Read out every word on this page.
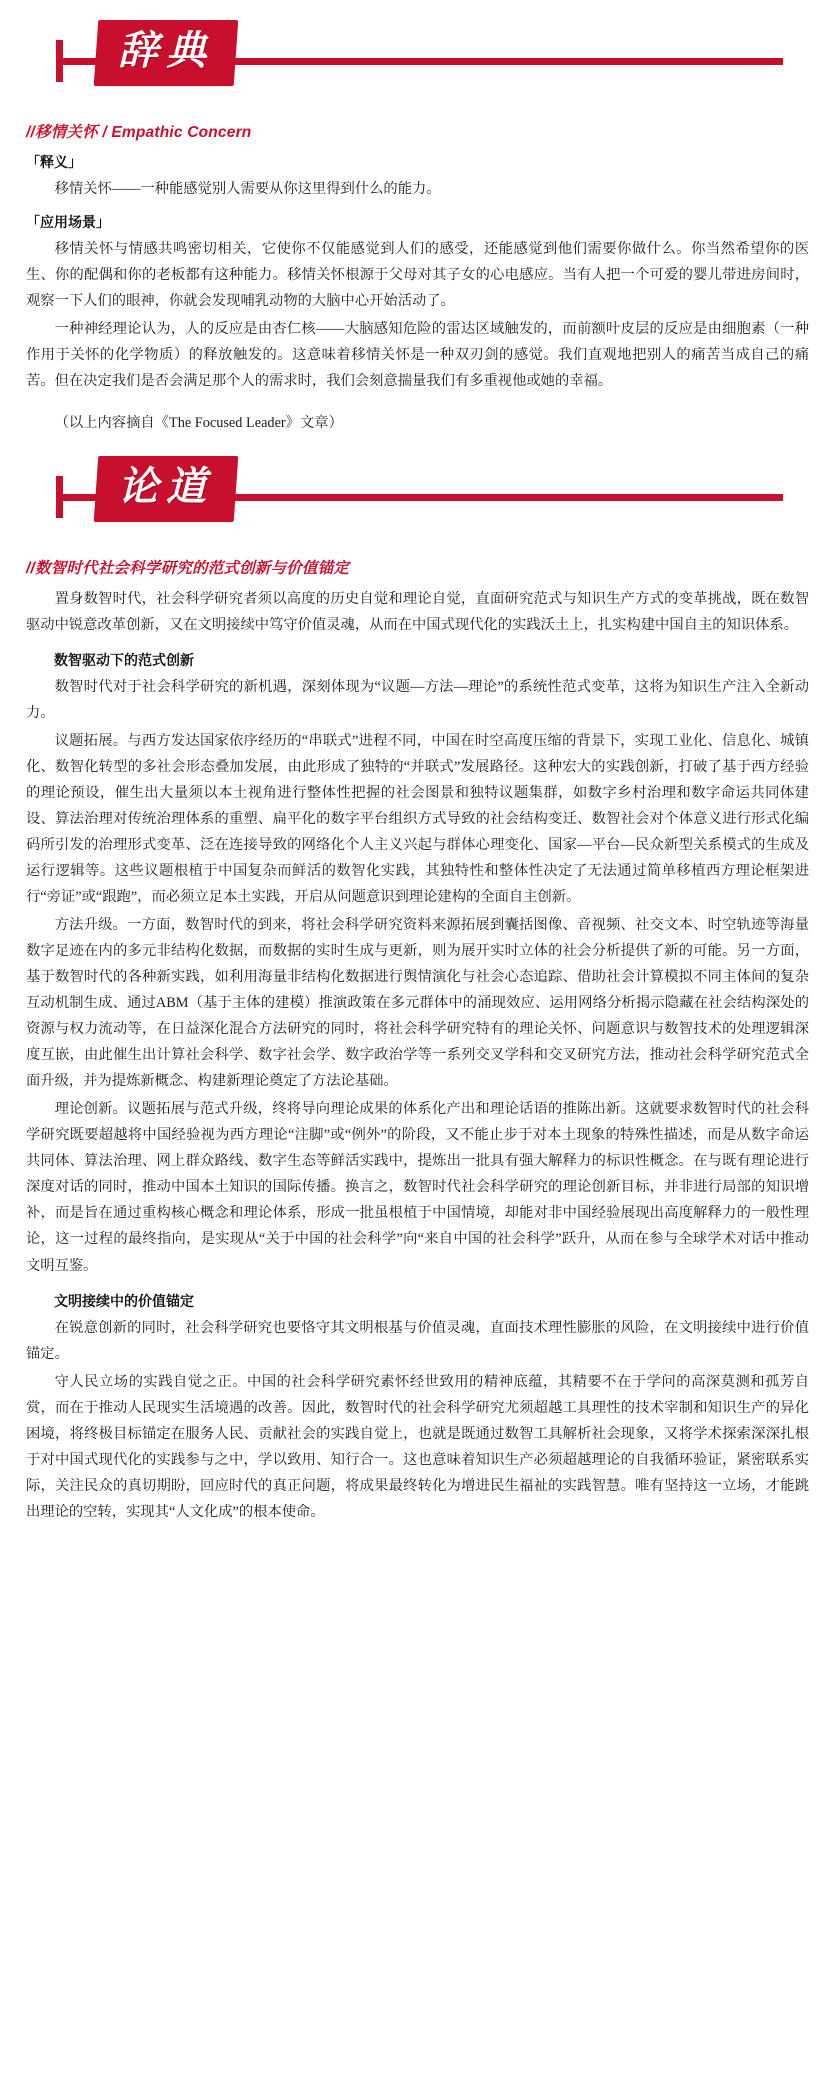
辞典
//移情关怀 / Empathic Concern
「释义」

移情关怀——一种能感觉别人需要从你这里得到什么的能力。

「应用场景」

移情关怀与情感共鸣密切相关，它使你不仅能感觉到人们的感受，还能感觉到他们需要你做什么。你当然希望你的医生、你的配偶和你的老板都有这种能力。移情关怀根源于父母对其子女的心电感应。当有人把一个可爱的婴儿带进房间时，观察一下人们的眼神，你就会发现哺乳动物的大脑中心开始活动了。

一种神经理论认为，人的反应是由杏仁核——大脑感知危险的雷达区域触发的，而前额叶皮层的反应是由细胞素（一种作用于关怀的化学物质）的释放触发的。这意味着移情关怀是一种双刃剑的感觉。我们直观地把别人的痛苦当成自己的痛苦。但在决定我们是否会满足那个人的需求时，我们会刻意揣量我们有多重视他或她的幸福。

（以上内容摘自《The Focused Leader》文章）

论道
//数智时代社会科学研究的范式创新与价值锚定

置身数智时代，社会科学研究者须以高度的历史自觉和理论自觉，直面研究范式与知识生产方式的变革挑战，既在数智驱动中锐意改革创新，又在文明接续中笃守价值灵魂，从而在中国式现代化的实践沃土上，扎实构建中国自主的知识体系。

数智驱动下的范式创新

数智时代对于社会科学研究的新机遇，深刻体现为“议题—方法—理论”的系统性范式变革，这将为知识生产注入全新动力。

议题拓展。与西方发达国家依序经历的“串联式”进程不同，中国在时空高度压缩的背景下，实现工业化、信息化、城镇化、数智化转型的多社会形态叠加发展，由此形成了独特的“并联式”发展路径。这种宏大的实践创新，打破了基于西方经验的理论预设，催生出大量须以本土视角进行整体性把握的社会图景和独特议题集群，如数字乡村治理和数字命运共同体建设、算法治理对传统治理体系的重塑、扁平化的数字平台组织方式导致的社会结构变迁、数智社会对个体意义进行形式化编码所引发的治理形式变革、泛在连接导致的网络化个人主义兴起与群体心理变化、国家—平台—民众新型关系模式的生成及运行逻辑等。这些议题根植于中国复杂而鲜活的数智化实践，其独特性和整体性决定了无法通过简单移植西方理论框架进行“旁证”或“跟跑”，而必须立足本土实践，开启从问题意识到理论建构的全面自主创新。

方法升级。一方面，数智时代的到来，将社会科学研究资料来源拓展到囊括图像、音视频、社交文本、时空轨迹等海量数字足迹在内的多元非结构化数据，而数据的实时生成与更新，则为展开实时立体的社会分析提供了新的可能。另一方面，基于数智时代的各种新实践，如利用海量非结构化数据进行舆情演化与社会心态追踪、借助社会计算模拟不同主体间的复杂互动机制生成、通过ABM（基于主体的建模）推演政策在多元群体中的涌现效应、运用网络分析揭示隐藏在社会结构深处的资源与权力流动等，在日益深化混合方法研究的同时，将社会科学研究特有的理论关怀、问题意识与数智技术的处理逻辑深度互嵌，由此催生出计算社会科学、数字社会学、数字政治学等一系列交叉学科和交叉研究方法，推动社会科学研究范式全面升级，并为提炼新概念、构建新理论奠定了方法论基础。

理论创新。议题拓展与范式升级，终将导向理论成果的体系化产出和理论话语的推陈出新。这就要求数智时代的社会科学研究既要超越将中国经验视为西方理论“注脚”或“例外”的阶段，又不能止步于对本土现象的特殊性描述，而是从数字命运共同体、算法治理、网上群众路线、数字生态等鲜活实践中，提炼出一批具有强大解释力的标识性概念。在与既有理论进行深度对话的同时，推动中国本土知识的国际传播。换言之，数智时代社会科学研究的理论创新目标，并非进行局部的知识增补，而是旨在通过重构核心概念和理论体系，形成一批虽根植于中国情境，却能对非中国经验展现出高度解释力的一般性理论，这一过程的最终指向，是实现从“关于中国的社会科学”向“来自中国的社会科学”跃升，从而在参与全球学术对话中推动文明互鉴。

文明接续中的价值锚定

在锐意创新的同时，社会科学研究也要恪守其文明根基与价值灵魂，直面技术理性膨胀的风险，在文明接续中进行价值锚定。

守人民立场的实践自觉之正。中国的社会科学研究素怀经世致用的精神底蕴，其精要不在于学问的高深莫测和孤芳自赏，而在于推动人民现实生活境遇的改善。因此，数智时代的社会科学研究尤须超越工具理性的技术宰制和知识生产的异化困境，将终极目标锚定在服务人民、贡献社会的实践自觉上，也就是既通过数智工具解析社会现象，又将学术探索深深扎根于对中国式现代化的实践参与之中，学以致用、知行合一。这也意味着知识生产必须超越理论的自我循环验证，紧密联系实际，关注民众的真切期盼，回应时代的真正问题，将成果最终转化为增进民生福祉的实践智慧。唯有坚持这一立场，才能跳出理论的空转，实现其“人文化成”的根本使命。
